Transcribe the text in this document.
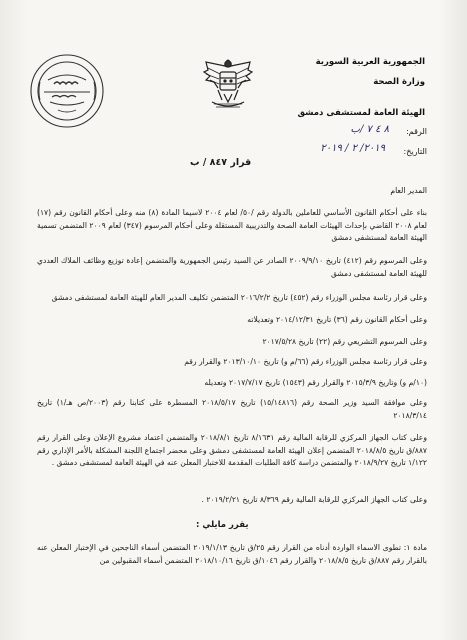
الجمهورية العربية السورية
وزارة الصحة
الهيئة العامة لمستشفى دمشق
الرقم:
٨ ٤ ٧ /ب
التاريخ:
٢٠١٩/ ٢ / ٢٠١٩
قرار ٨٤٧ / ب
المدير العام
بناء على أحكام القانون الأساسي للعاملين بالدولة رقم /٥٠/ لعام ٢٠٠٤ لاسيما المادة (٨) منه وعلى أحكام القانون رقم (١٧) لعام ٢٠٠٨ القاضي بإحداث الهيئات العامة الصحة والتدريبية المستقلة وعلى أحكام المرسوم (٣٤٧) لعام ٢٠٠٩ المتضمن تسمية الهيئة العامة لمستشفى دمشق
وعلى المرسوم رقم (٤١٢) تاريخ ٢٠٠٩/٩/١٠ الصادر عن السيد رئيس الجمهورية والمتضمن إعادة توزيع وظائف الملاك العددي للهيئة العامة لمستشفى دمشق
وعلى قرار رئاسة مجلس الوزراء رقم (٤٥٢) تاريخ ٢٠١٦/٢/٢ المتضمن تكليف المدير العام للهيئة العامة لمستشفى دمشق
وعلى أحكام القانون رقم (٣٦) تاريخ ٢٠١٤/١٢/٣١ وتعديلاته
وعلى المرسوم التشريعي رقم (٢٢) تاريخ ٢٠١٧/٥/٢٨
وعلى قرار رئاسة مجلس الوزراء رقم (٦٦/م و) تاريخ ٢٠١٣/١٠/١٠ والقرار رقم
(١٠/م و) وتاريخ ٢٠١٥/٣/٩ والقرار رقم (١٥٤٣) تاريخ ٢٠١٧/٧/١٧ وتعديله
وعلى موافقة السيد وزير الصحة رقم (١٥/١٤٨١٦) تاريخ ٢٠١٨/٥/١٧ المسطرة على كتابنا رقم (٢٠٠٣/ص هـ/١) تاريخ ٢٠١٨/٣/١٤
وعلى كتاب الجهاز المركزي للرقابة المالية رقم ٨/١٦٣١ تاريخ ٢٠١٨/٨/١ والمتضمن اعتماد مشروع الإعلان وعلى القرار رقم ٨٨٧/ق تاريخ ٢٠١٨/٨/٥ المتضمن إعلان الهيئة العامة لمستشفى دمشق وعلى محضر اجتماع اللجنة المشكلة بالأمر الإداري رقم ١/١٢٢ تاريخ ٢٠١٨/٩/٢٧ والمتضمن دراسة كافة الطلبات المقدمة للاختبار المعلن عنه في الهيئة العامة لمستشفى دمشق .
وعلى كتاب الجهاز المركزي للرقابة المالية رقم ٨/٣٦٩ تاريخ ٢٠١٩/٢/٢١ .
يقرر مايلي :
مادة ١: تطوى الاسماء الواردة أدناه من القرار رقم ٢٥/ق تاريخ ٢٠١٩/١/١٣ المتضمن أسماء الناجحين في الإختبار المعلن عنه بالقرار رقم ٨٨٧/ق تاريخ ٢٠١٨/٨/٥ والقرار رقم ١٠٤٦/ق تاريخ ٢٠١٨/١٠/١٦ المتضمن أسماء المقبولين من
